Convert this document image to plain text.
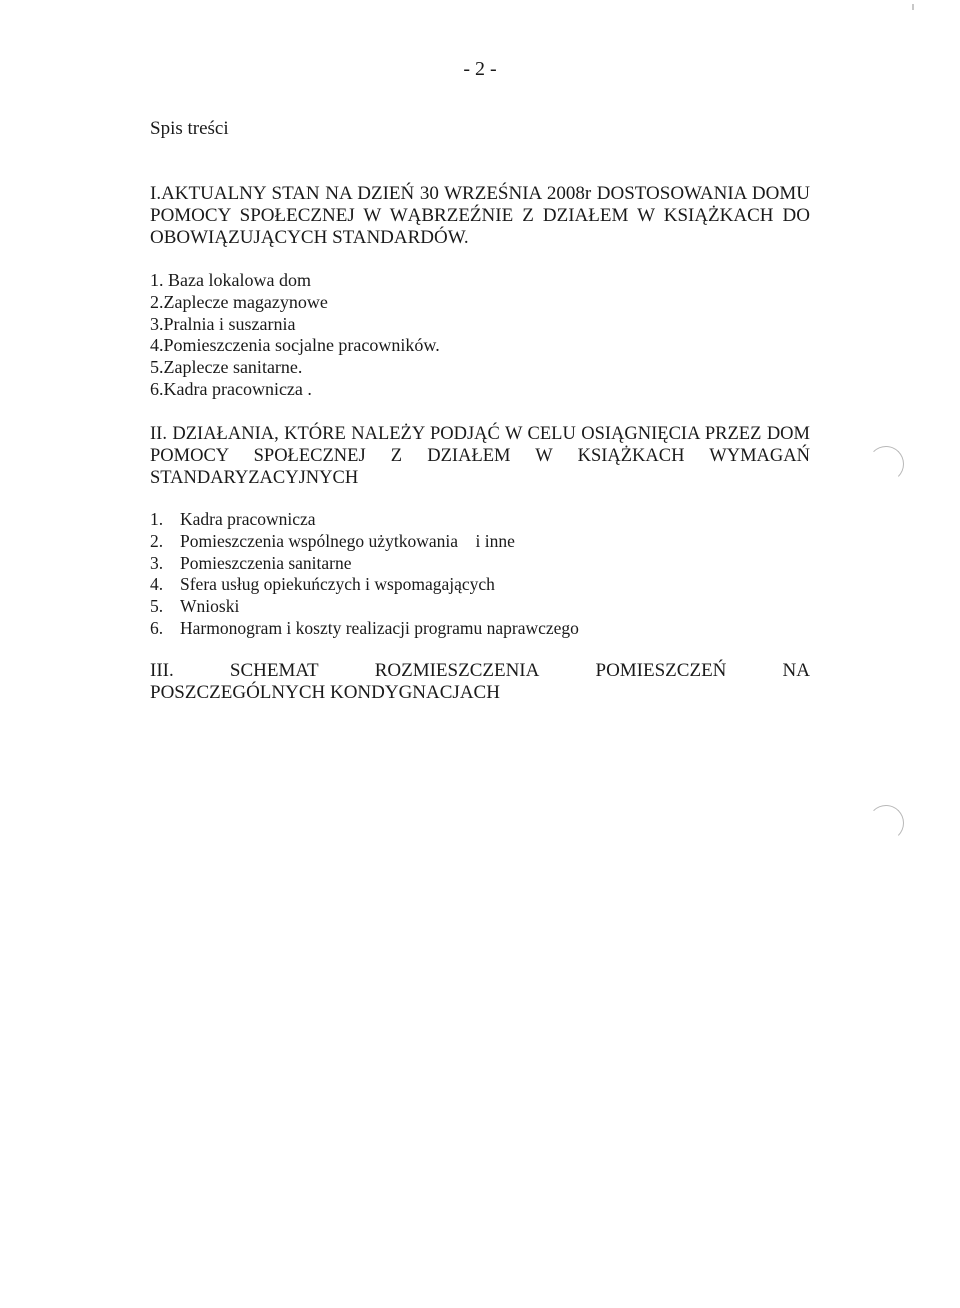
- 2 -
Spis treści
I.AKTUALNY STAN NA DZIEŃ 30 WRZEŚNIA 2008r DOSTOSOWANIA DOMU POMOCY SPOŁECZNEJ W WĄBRZEŹNIE Z DZIAŁEM W KSIĄŻKACH DO OBOWIĄZUJĄCYCH STANDARDÓW.
1. Baza lokalowa dom
2.Zaplecze magazynowe
3.Pralnia i suszarnia
4.Pomieszczenia socjalne pracowników.
5.Zaplecze sanitarne.
6.Kadra pracownicza .
II. DZIAŁANIA, KTÓRE NALEŻY PODJĄĆ W CELU OSIĄGNIĘCIA PRZEZ DOM POMOCY SPOŁECZNEJ Z DZIAŁEM W KSIĄŻKACH WYMAGAŃ STANDARYZACYJNYCH
1. Kadra pracownicza
2. Pomieszczenia wspólnego użytkowania    i inne
3. Pomieszczenia sanitarne
4. Sfera usług opiekuńczych i wspomagających
5. Wnioski
6. Harmonogram i koszty realizacji programu naprawczego
III.	SCHEMAT	ROZMIESZCZENIA	POMIESZCZEŃ	NA
POSZCZEGÓLNYCH KONDYGNACJACH
